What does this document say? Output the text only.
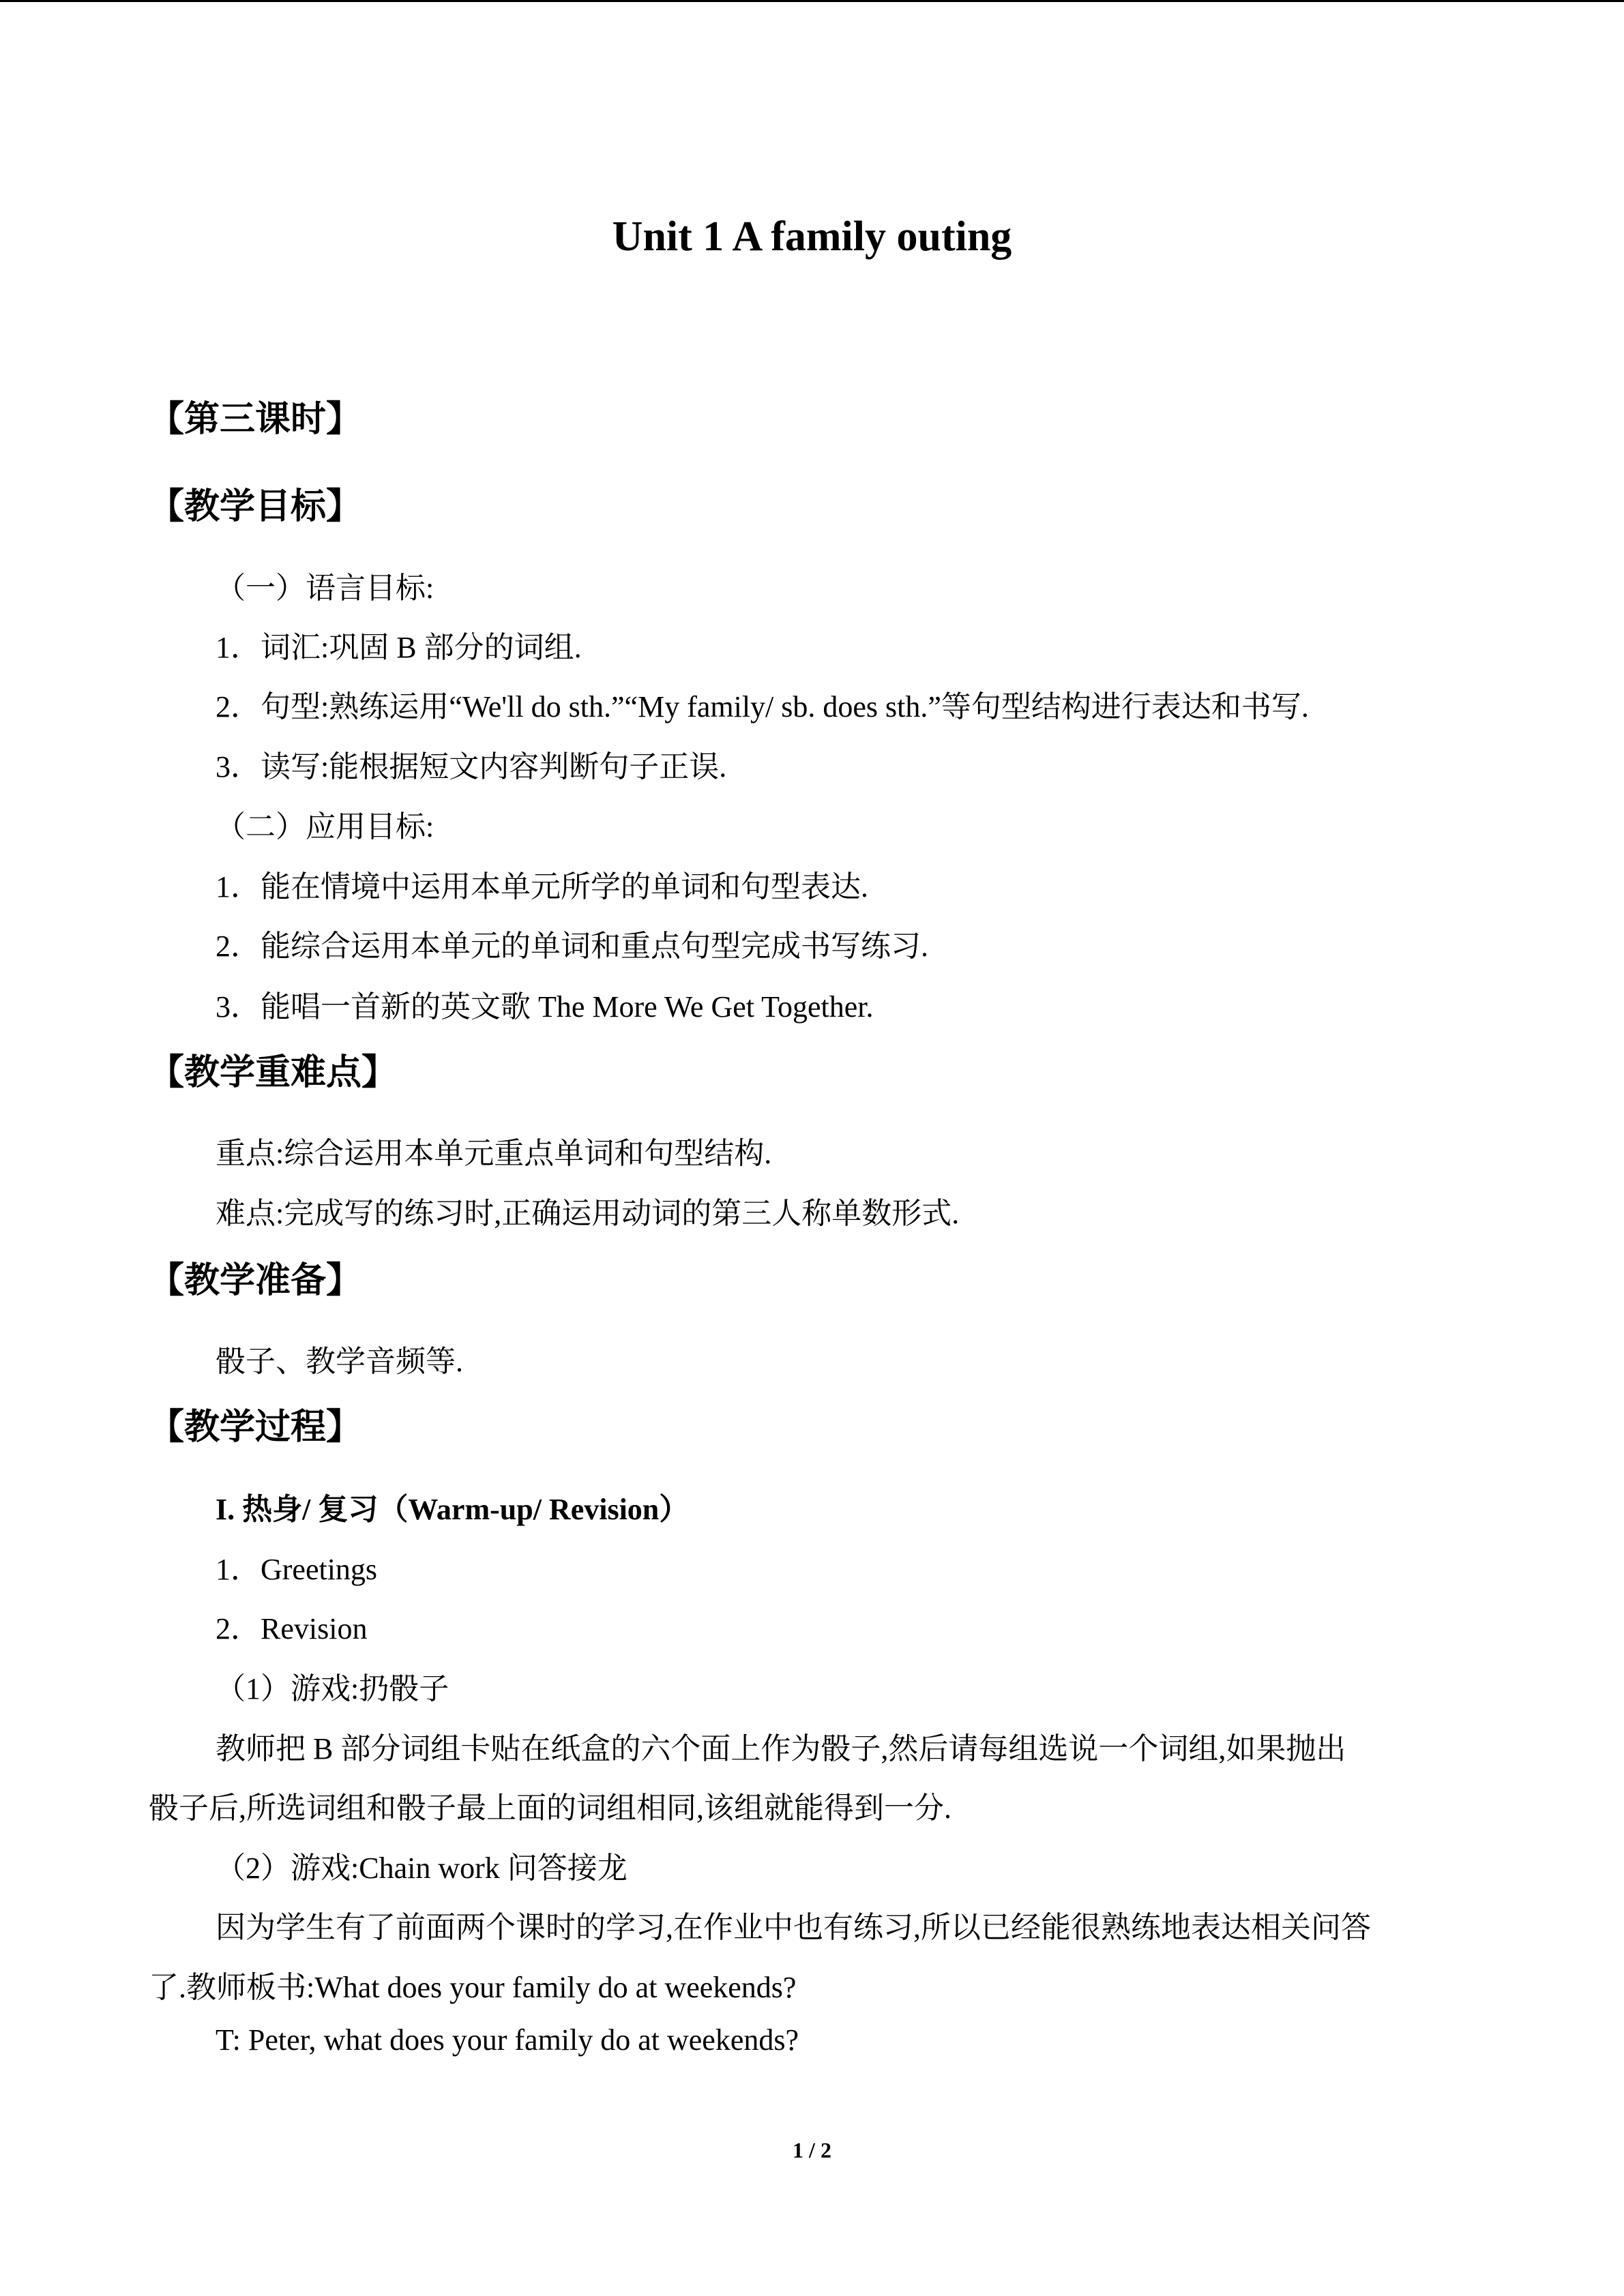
Unit 1 A family outing
【第三课时】
【教学目标】
（一）语言目标:
1．词汇:巩固 B 部分的词组.
2．句型:熟练运用“We'll do sth.”“My family/ sb. does sth.”等句型结构进行表达和书写.
3．读写:能根据短文内容判断句子正误.
（二）应用目标:
1．能在情境中运用本单元所学的单词和句型表达.
2．能综合运用本单元的单词和重点句型完成书写练习.
3．能唱一首新的英文歌 The More We Get Together.
【教学重难点】
重点:综合运用本单元重点单词和句型结构.
难点:完成写的练习时,正确运用动词的第三人称单数形式.
【教学准备】
骰子、教学音频等.
【教学过程】
I. 热身/ 复习（Warm-up/ Revision）
1．Greetings
2．Revision
（1）游戏:扔骰子
教师把 B 部分词组卡贴在纸盒的六个面上作为骰子,然后请每组选说一个词组,如果抛出
骰子后,所选词组和骰子最上面的词组相同,该组就能得到一分.
（2）游戏:Chain work 问答接龙
因为学生有了前面两个课时的学习,在作业中也有练习,所以已经能很熟练地表达相关问答
了.教师板书:What does your family do at weekends?
T: Peter, what does your family do at weekends?
1 / 2
